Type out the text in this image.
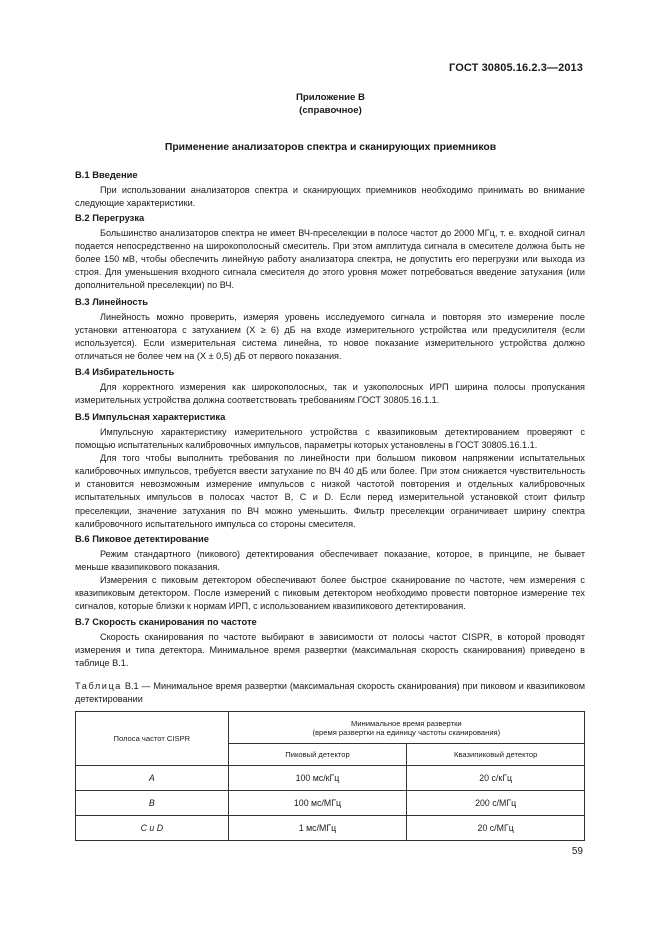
ГОСТ 30805.16.2.3—2013
Приложение В
(справочное)
Применение анализаторов спектра и сканирующих приемников
В.1 Введение

При использовании анализаторов спектра и сканирующих приемников необходимо принимать во внимание следующие характеристики.

В.2 Перегрузка

Большинство анализаторов спектра не имеет ВЧ-преселекции в полосе частот до 2000 МГц, т. е. входной сигнал подается непосредственно на широкополосный смеситель. При этом амплитуда сигнала в смесителе должна быть не более 150 мВ, чтобы обеспечить линейную работу анализатора спектра, не допустить его перегрузки или выхода из строя. Для уменьшения входного сигнала смесителя до этого уровня может потребоваться введение затухания (или дополнительной преселекции) по ВЧ.

В.3 Линейность

Линейность можно проверить, измеряя уровень исследуемого сигнала и повторяя это измерение после установки аттенюатора с затуханием (X ≥ 6) дБ на входе измерительного устройства или предусилителя (если используется). Если измерительная система линейна, то новое показание измерительного устройства должно отличаться не более чем на (X ± 0,5) дБ от первого показания.

В.4 Избирательность

Для корректного измерения как широкополосных, так и узкополосных ИРП ширина полосы пропускания измерительных устройства должна соответствовать требованиям ГОСТ 30805.16.1.1.

В.5 Импульсная характеристика

Импульсную характеристику измерительного устройства с квазипиковым детектированием проверяют с помощью испытательных калибровочных импульсов, параметры которых установлены в ГОСТ 30805.16.1.1.

Для того чтобы выполнить требования по линейности при большом пиковом напряжении испытательных калибровочных импульсов, требуется ввести затухание по ВЧ 40 дБ или более. При этом снижается чувствительность и становится невозможным измерение импульсов с низкой частотой повторения и отдельных калибровочных испытательных импульсов в полосах частот В, С и D. Если перед измерительной установкой стоит фильтр преселекции, значение затухания по ВЧ можно уменьшить. Фильтр преселекции ограничивает ширину спектра калибровочного испытательного импульса со стороны смесителя.

В.6 Пиковое детектирование

Режим стандартного (пикового) детектирования обеспечивает показание, которое, в принципе, не бывает меньше квазипикового показания.

Измерения с пиковым детектором обеспечивают более быстрое сканирование по частоте, чем измерения с квазипиковым детектором. После измерений с пиковым детектором необходимо провести повторное измерение тех сигналов, которые близки к нормам ИРП, с использованием квазипикового детектирования.

В.7 Скорость сканирования по частоте

Скорость сканирования по частоте выбирают в зависимости от полосы частот CISPR, в которой проводят измерения и типа детектора. Минимальное время развертки (максимальная скорость сканирования) приведено в таблице В.1.

Таблица В.1 — Минимальное время развертки (максимальная скорость сканирования) при пиковом и квазипиковом детектировании
Полоса частот CISPR	Минимальное время развертки
(время развертки на единицу частоты сканирования)	

	Пиковый детектор	Квазипиковый детектор
A	100 мс/кГц	20 с/кГц
B	100 мс/МГц	200 с/МГц
C и D	1 мс/МГц	20 с/МГц
59
